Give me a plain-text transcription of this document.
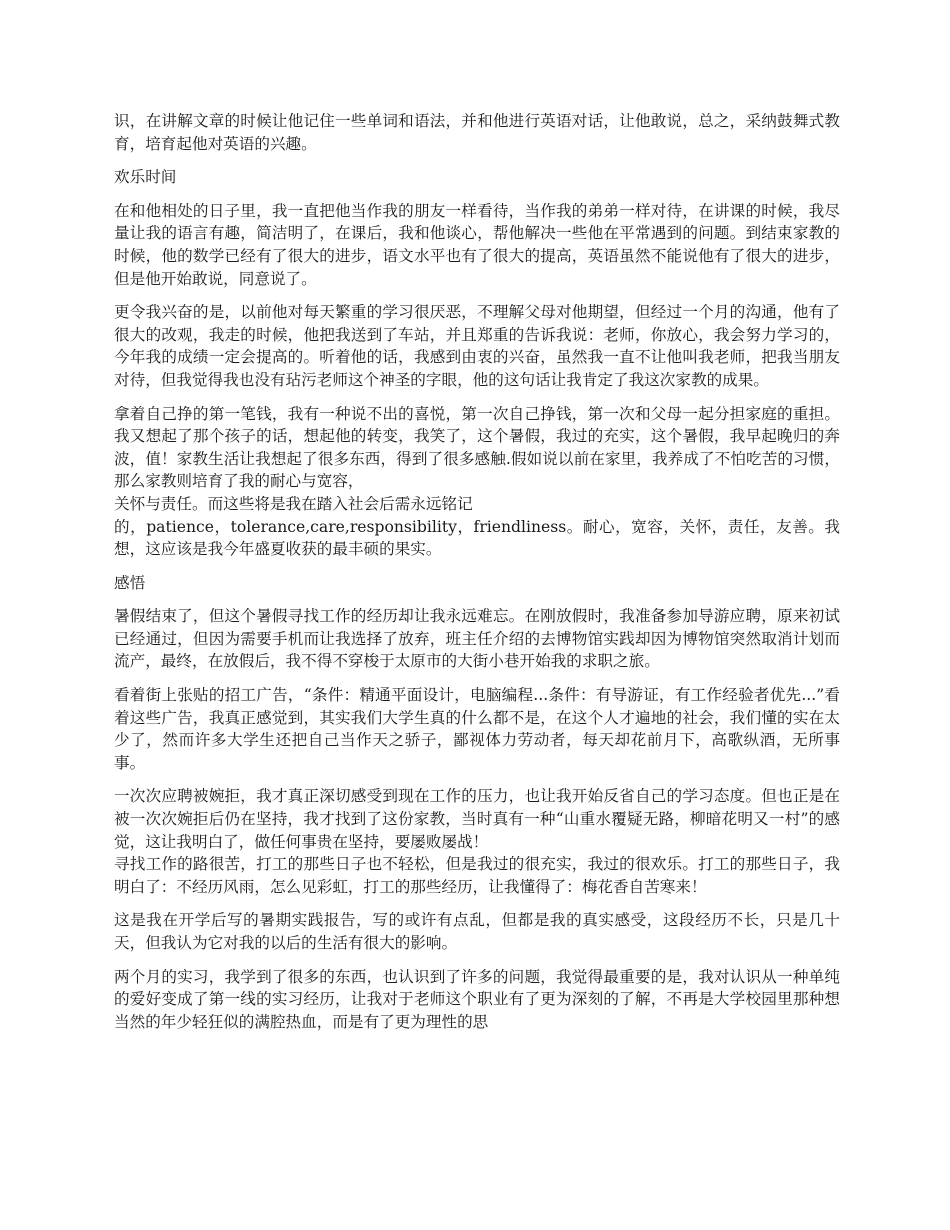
识，在讲解文章的时候让他记住一些单词和语法，并和他进行英语对话，让他敢说，总之，采纳鼓舞式教育，培育起他对英语的兴趣。

欢乐时间

在和他相处的日子里，我一直把他当作我的朋友一样看待，当作我的弟弟一样对待，在讲课的时候，我尽量让我的语言有趣，简洁明了，在课后，我和他谈心，帮他解决一些他在平常遇到的问题。到结束家教的时候，他的数学已经有了很大的进步，语文水平也有了很大的提高，英语虽然不能说他有了很大的进步，但是他开始敢说，同意说了。

更令我兴奋的是，以前他对每天繁重的学习很厌恶，不理解父母对他期望，但经过一个月的沟通，他有了很大的改观，我走的时候，他把我送到了车站，并且郑重的告诉我说：老师，你放心，我会努力学习的，今年我的成绩一定会提高的。听着他的话，我感到由衷的兴奋，虽然我一直不让他叫我老师，把我当朋友对待，但我觉得我也没有玷污老师这个神圣的字眼，他的这句话让我肯定了我这次家教的成果。

拿着自己挣的第一笔钱，我有一种说不出的喜悦，第一次自己挣钱，第一次和父母一起分担家庭的重担。我又想起了那个孩子的话，想起他的转变，我笑了，这个暑假，我过的充实，这个暑假，我早起晚归的奔波，值！家教生活让我想起了很多东西，得到了很多感触.假如说以前在家里，我养成了不怕吃苦的习惯，那么家教则培育了我的耐心与宽容，
关怀与责任。而这些将是我在踏入社会后需永远铭记
的，patience，tolerance,care,responsibility，friendliness。耐心，宽容，关怀，责任，友善。我想，这应该是我今年盛夏收获的最丰硕的果实。

感悟

暑假结束了，但这个暑假寻找工作的经历却让我永远难忘。在刚放假时，我准备参加导游应聘，原来初试已经通过，但因为需要手机而让我选择了放弃，班主任介绍的去博物馆实践却因为博物馆突然取消计划而流产，最终，在放假后，我不得不穿梭于太原市的大街小巷开始我的求职之旅。

看着街上张贴的招工广告，“条件：精通平面设计，电脑编程...条件：有导游证，有工作经验者优先...”看着这些广告，我真正感觉到，其实我们大学生真的什么都不是，在这个人才遍地的社会，我们懂的实在太少了，然而许多大学生还把自己当作天之骄子，鄙视体力劳动者，每天却花前月下，高歌纵酒，无所事事。

一次次应聘被婉拒，我才真正深切感受到现在工作的压力，也让我开始反省自己的学习态度。但也正是在被一次次婉拒后仍在坚持，我才找到了这份家教，当时真有一种“山重水覆疑无路，柳暗花明又一村”的感觉，这让我明白了，做任何事贵在坚持，要屡败屡战！
寻找工作的路很苦，打工的那些日子也不轻松，但是我过的很充实，我过的很欢乐。打工的那些日子，我明白了：不经历风雨，怎么见彩虹，打工的那些经历，让我懂得了：梅花香自苦寒来！

这是我在开学后写的暑期实践报告，写的或许有点乱，但都是我的真实感受，这段经历不长，只是几十天，但我认为它对我的以后的生活有很大的影响。

两个月的实习，我学到了很多的东西，也认识到了许多的问题，我觉得最重要的是，我对认识从一种单纯的爱好变成了第一线的实习经历，让我对于老师这个职业有了更为深刻的了解，不再是大学校园里那种想当然的年少轻狂似的满腔热血，而是有了更为理性的思
